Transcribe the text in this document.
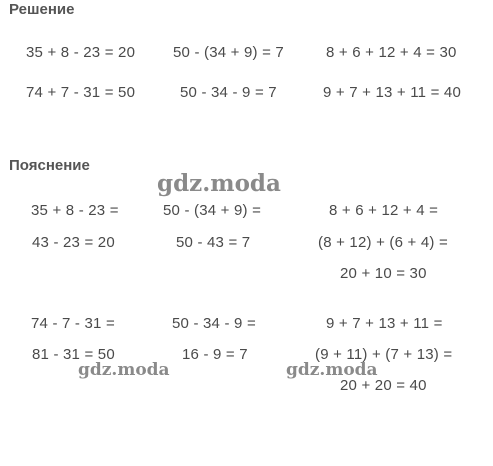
Решение
35 + 8 - 23 = 20	50 - (34 + 9) = 7	8 + 6 + 12 + 4 = 30
74 + 7 - 31 = 50	50 - 34 - 9 = 7	9 + 7 + 13 + 11 = 40
Пояснение
35 + 8 - 23 =
43 - 23 = 20
50 - (34 + 9) =
50 - 43 = 7
8 + 6 + 12 + 4 =
(8 + 12) + (6 + 4) =
20 + 10 = 30
74 - 7 - 31 =
81 - 31 = 50
50 - 34 - 9 =
16 - 9 = 7
9 + 7 + 13 + 11 =
(9 + 11) + (7 + 13) =
20 + 20 = 40
gdz.moda
gdz.moda	gdz.moda
